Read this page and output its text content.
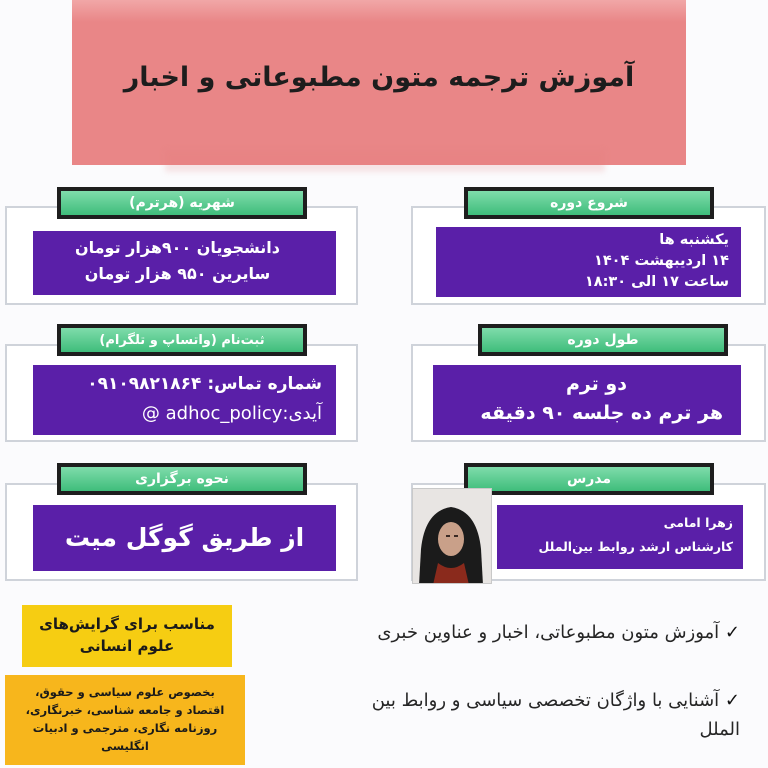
آموزش ترجمه متون مطبوعاتی و اخبار
شروع دوره
یکشنبه ها
۱۴ اردیبهشت ۱۴۰۴
ساعت ۱۷ الی ۱۸:۳۰
شهریه (هرترم)
دانشجویان ۹۰۰هزار تومان
سایرین ۹۵۰ هزار تومان
طول دوره
دو ترم
هر ترم ده جلسه ۹۰ دقیقه
ثبت‌نام (واتساپ و تلگرام)
شماره تماس: ۰۹۱۰۹۸۲۱۸۶۴
آیدی:adhoc_policy @
مدرس
زهرا امامی
کارشناس ارشد روابط بین‌الملل
نحوه برگزاری
از طریق گوگل میت
مناسب برای گرایش‌های علوم انسانی
بخصوص علوم سیاسی و حقوق، اقتصاد و جامعه شناسی، خبرنگاری، روزنامه نگاری، مترجمی و ادبیات انگلیسی
✓ آموزش متون مطبوعاتی، اخبار و عناوین خبری
✓ آشنایی با واژگان تخصصی سیاسی و روابط بین الملل
